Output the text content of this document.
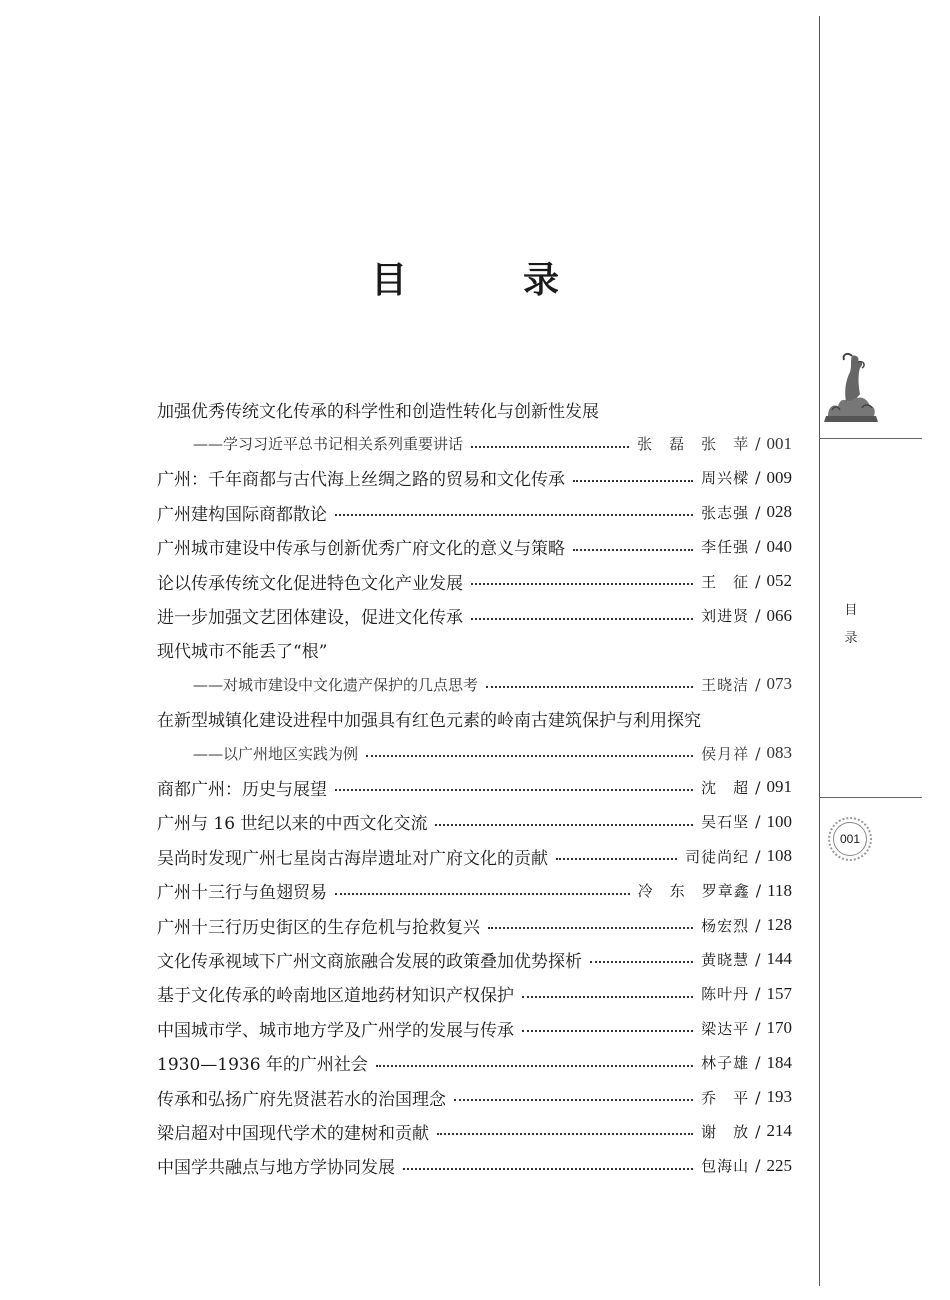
目　录
加强优秀传统文化传承的科学性和创造性转化与创新性发展
——学习习近平总书记相关系列重要讲话	张　磊　张　苹 / 001
广州：千年商都与古代海上丝绸之路的贸易和文化传承	周兴樑 / 009
广州建构国际商都散论	张志强 / 028
广州城市建设中传承与创新优秀广府文化的意义与策略	李任强 / 040
论以传承传统文化促进特色文化产业发展	王　征 / 052
进一步加强文艺团体建设，促进文化传承	刘进贤 / 066
现代城市不能丢了“根”
——对城市建设中文化遗产保护的几点思考	王晓洁 / 073
在新型城镇化建设进程中加强具有红色元素的岭南古建筑保护与利用探究
——以广州地区实践为例	侯月祥 / 083
商都广州：历史与展望	沈　超 / 091
广州与 16 世纪以来的中西文化交流	吴石坚 / 100
吴尚时发现广州七星岗古海岸遗址对广府文化的贡献	司徒尚纪 / 108
广州十三行与鱼翅贸易	冷　东　罗章鑫 / 118
广州十三行历史街区的生存危机与抢救复兴	杨宏烈 / 128
文化传承视域下广州文商旅融合发展的政策叠加优势探析	黄晓慧 / 144
基于文化传承的岭南地区道地药材知识产权保护	陈叶丹 / 157
中国城市学、城市地方学及广州学的发展与传承	梁达平 / 170
1930—1936 年的广州社会	林子雄 / 184
传承和弘扬广府先贤湛若水的治国理念	乔　平 / 193
梁启超对中国现代学术的建树和贡献	谢　放 / 214
中国学共融点与地方学协同发展	包海山 / 225
目
录
001
